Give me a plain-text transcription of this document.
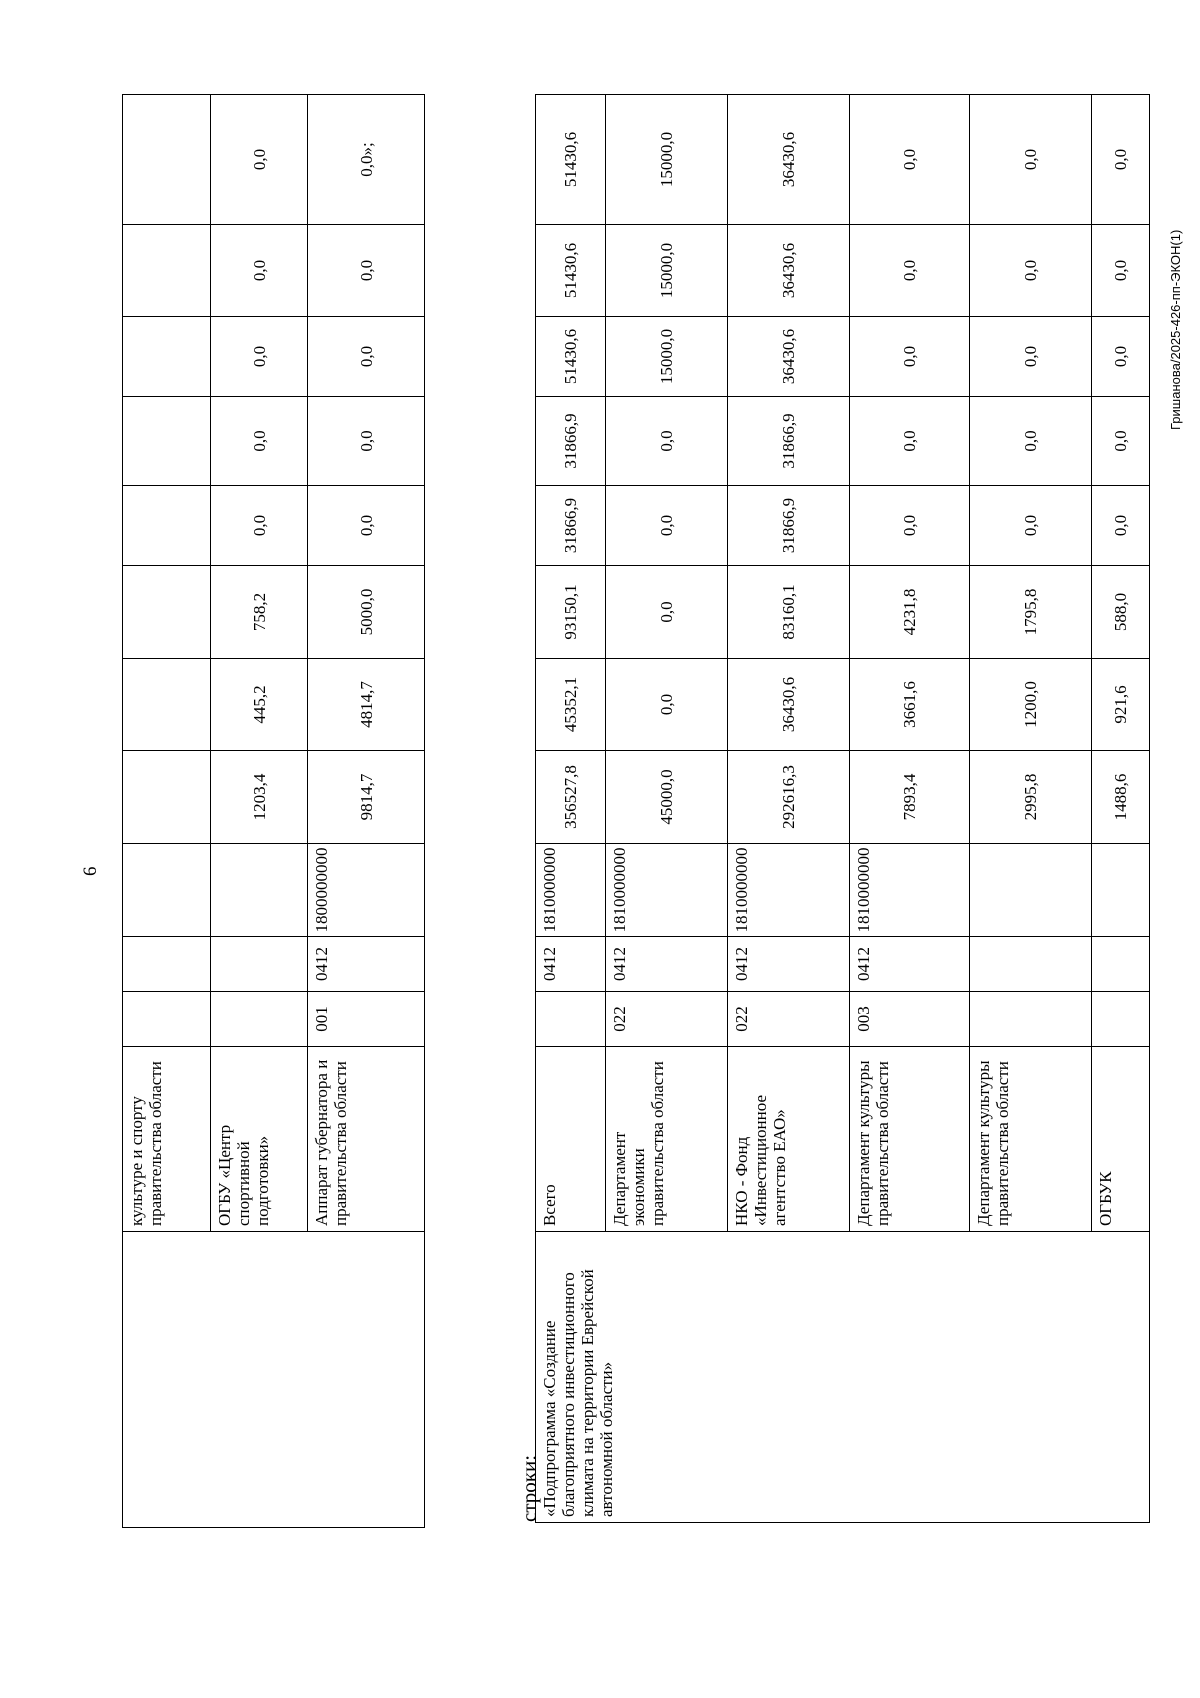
6
	культуре и спорту правительства области											
	ОГБУ «Центр спортивной подготовки»				1203,4	445,2	758,2	0,0	0,0	0,0	0,0	0,0
	Аппарат губернатора и правительства области	001	0412	1800000000	9814,7	4814,7	5000,0	0,0	0,0	0,0	0,0	0,0»;
строки: «Подпрограмма «Создание благоприятного инвестиционного климата на территории Еврейской автономной области»	Всего		0412	1810000000	356527,8	45352,1	93150,1	31866,9	31866,9	51430,6	51430,6	51430,6
	Департамент экономики правительства области	022	0412	1810000000	45000,0	0,0	0,0	0,0	0,0	15000,0	15000,0	15000,0
	НКО - Фонд «Инвестиционное агентство ЕАО»	022	0412	1810000000	292616,3	36430,6	83160,1	31866,9	31866,9	36430,6	36430,6	36430,6
	Департамент культуры правительства области	003	0412	1810000000	7893,4	3661,6	4231,8	0,0	0,0	0,0	0,0	0,0
	Департамент культуры правительства области				2995,8	1200,0	1795,8	0,0	0,0	0,0	0,0	0,0
	ОГБУК				1488,6	921,6	588,0	0,0	0,0	0,0	0,0	0,0
Гришанова/2025-426-пп-ЭКОН(1)
